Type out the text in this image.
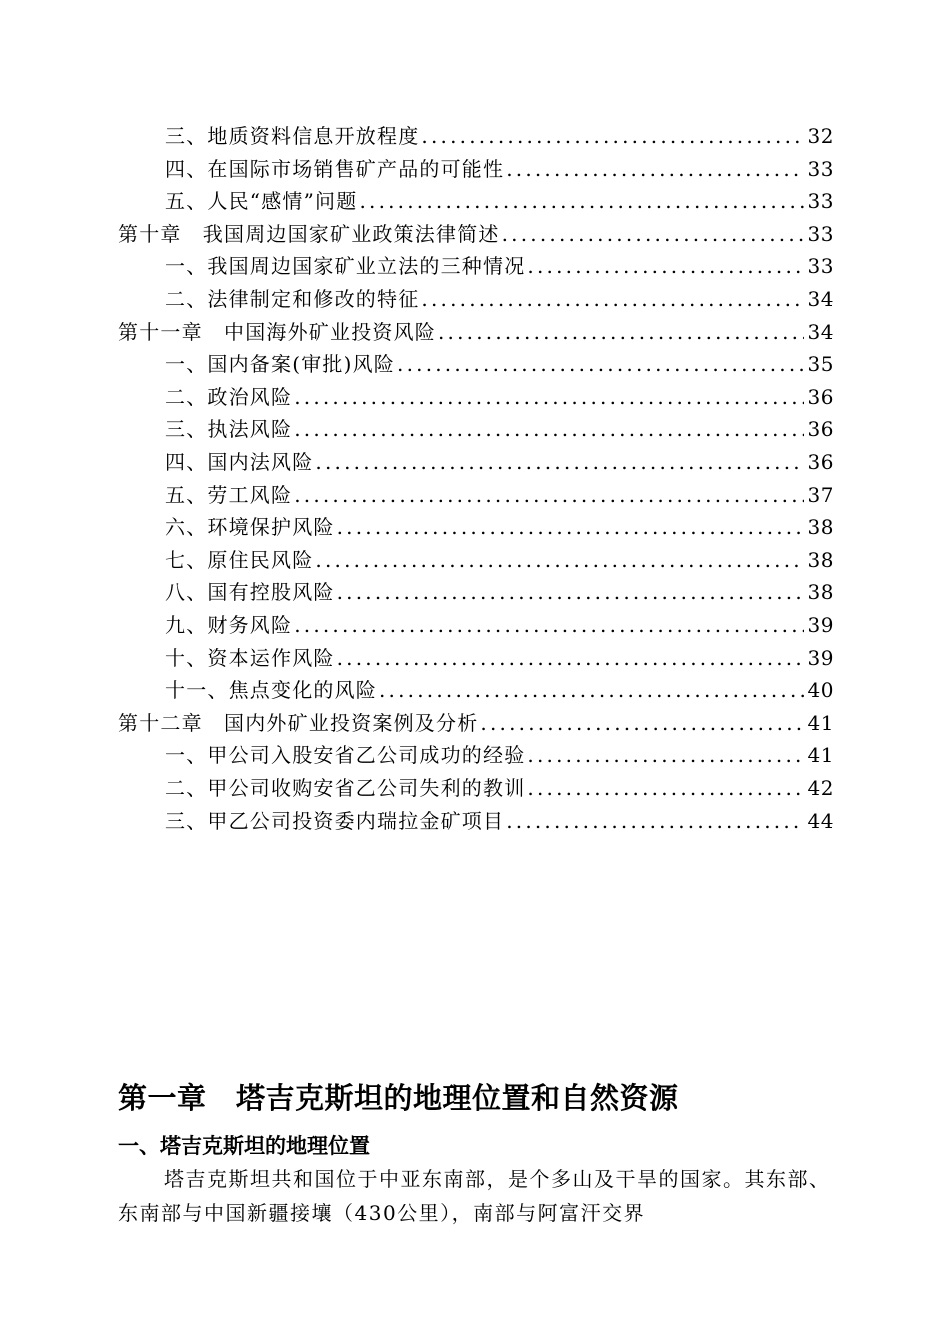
三、地质资料信息开放程度 .....	32
四、在国际市场销售矿产品的可能性 .....	33
五、人民“感情”问题 .....	33
第十章　我国周边国家矿业政策法律简述 .....	33
一、我国周边国家矿业立法的三种情况 .....	33
二、法律制定和修改的特征 .....	34
第十一章　中国海外矿业投资风险 .....	34
一、国内备案(审批)风险 .....	35
二、政治风险 .....	36
三、执法风险 .....	36
四、国内法风险 .....	36
五、劳工风险 .....	37
六、环境保护风险 .....	38
七、原住民风险 .....	38
八、国有控股风险 .....	38
九、财务风险 .....	39
十、资本运作风险 .....	39
十一、焦点变化的风险 .....	40
第十二章　国内外矿业投资案例及分析 .....	41
一、甲公司入股安省乙公司成功的经验 .....	41
二、甲公司收购安省乙公司失利的教训 .....	42
三、甲乙公司投资委内瑞拉金矿项目 .....	44
第一章　塔吉克斯坦的地理位置和自然资源
一、塔吉克斯坦的地理位置

塔吉克斯坦共和国位于中亚东南部，是个多山及干旱的国家。其东部、东南部与中国新疆接壤（430公里），南部与阿富汗交界
